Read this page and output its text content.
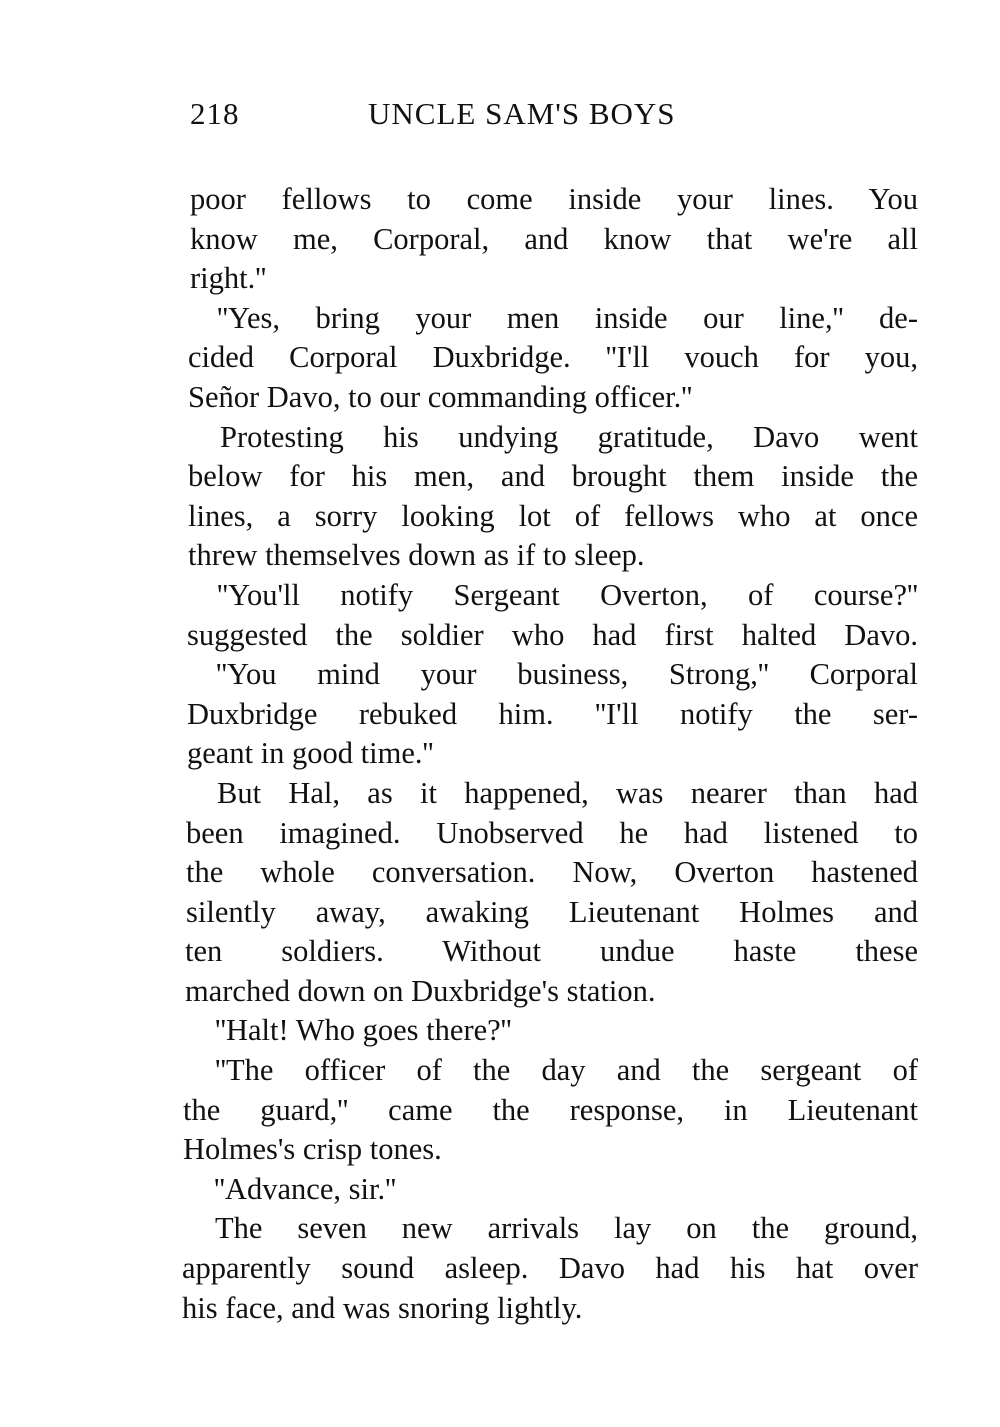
218	UNCLE SAM'S BOYS
poor fellows to come inside your lines. You
know me, Corporal, and know that we're all
right.''
''Yes, bring your men inside our line,'' de-
cided Corporal Duxbridge. ''I'll vouch for you,
Señor Davo, to our commanding officer.''
Protesting his undying gratitude, Davo went
below for his men, and brought them inside the
lines, a sorry looking lot of fellows who at once
threw themselves down as if to sleep.
''You'll notify Sergeant Overton, of course?''
suggested the soldier who had first halted Davo.
''You mind your business, Strong,'' Corporal
Duxbridge rebuked him. ''I'll notify the ser-
geant in good time.''
But Hal, as it happened, was nearer than had
been imagined. Unobserved he had listened to
the whole conversation. Now, Overton hastened
silently away, awaking Lieutenant Holmes and
ten soldiers. Without undue haste these
marched down on Duxbridge's station.
''Halt! Who goes there?''
''The officer of the day and the sergeant of
the guard,'' came the response, in Lieutenant
Holmes's crisp tones.
''Advance, sir.''
The seven new arrivals lay on the ground,
apparently sound asleep. Davo had his hat over
his face, and was snoring lightly.
